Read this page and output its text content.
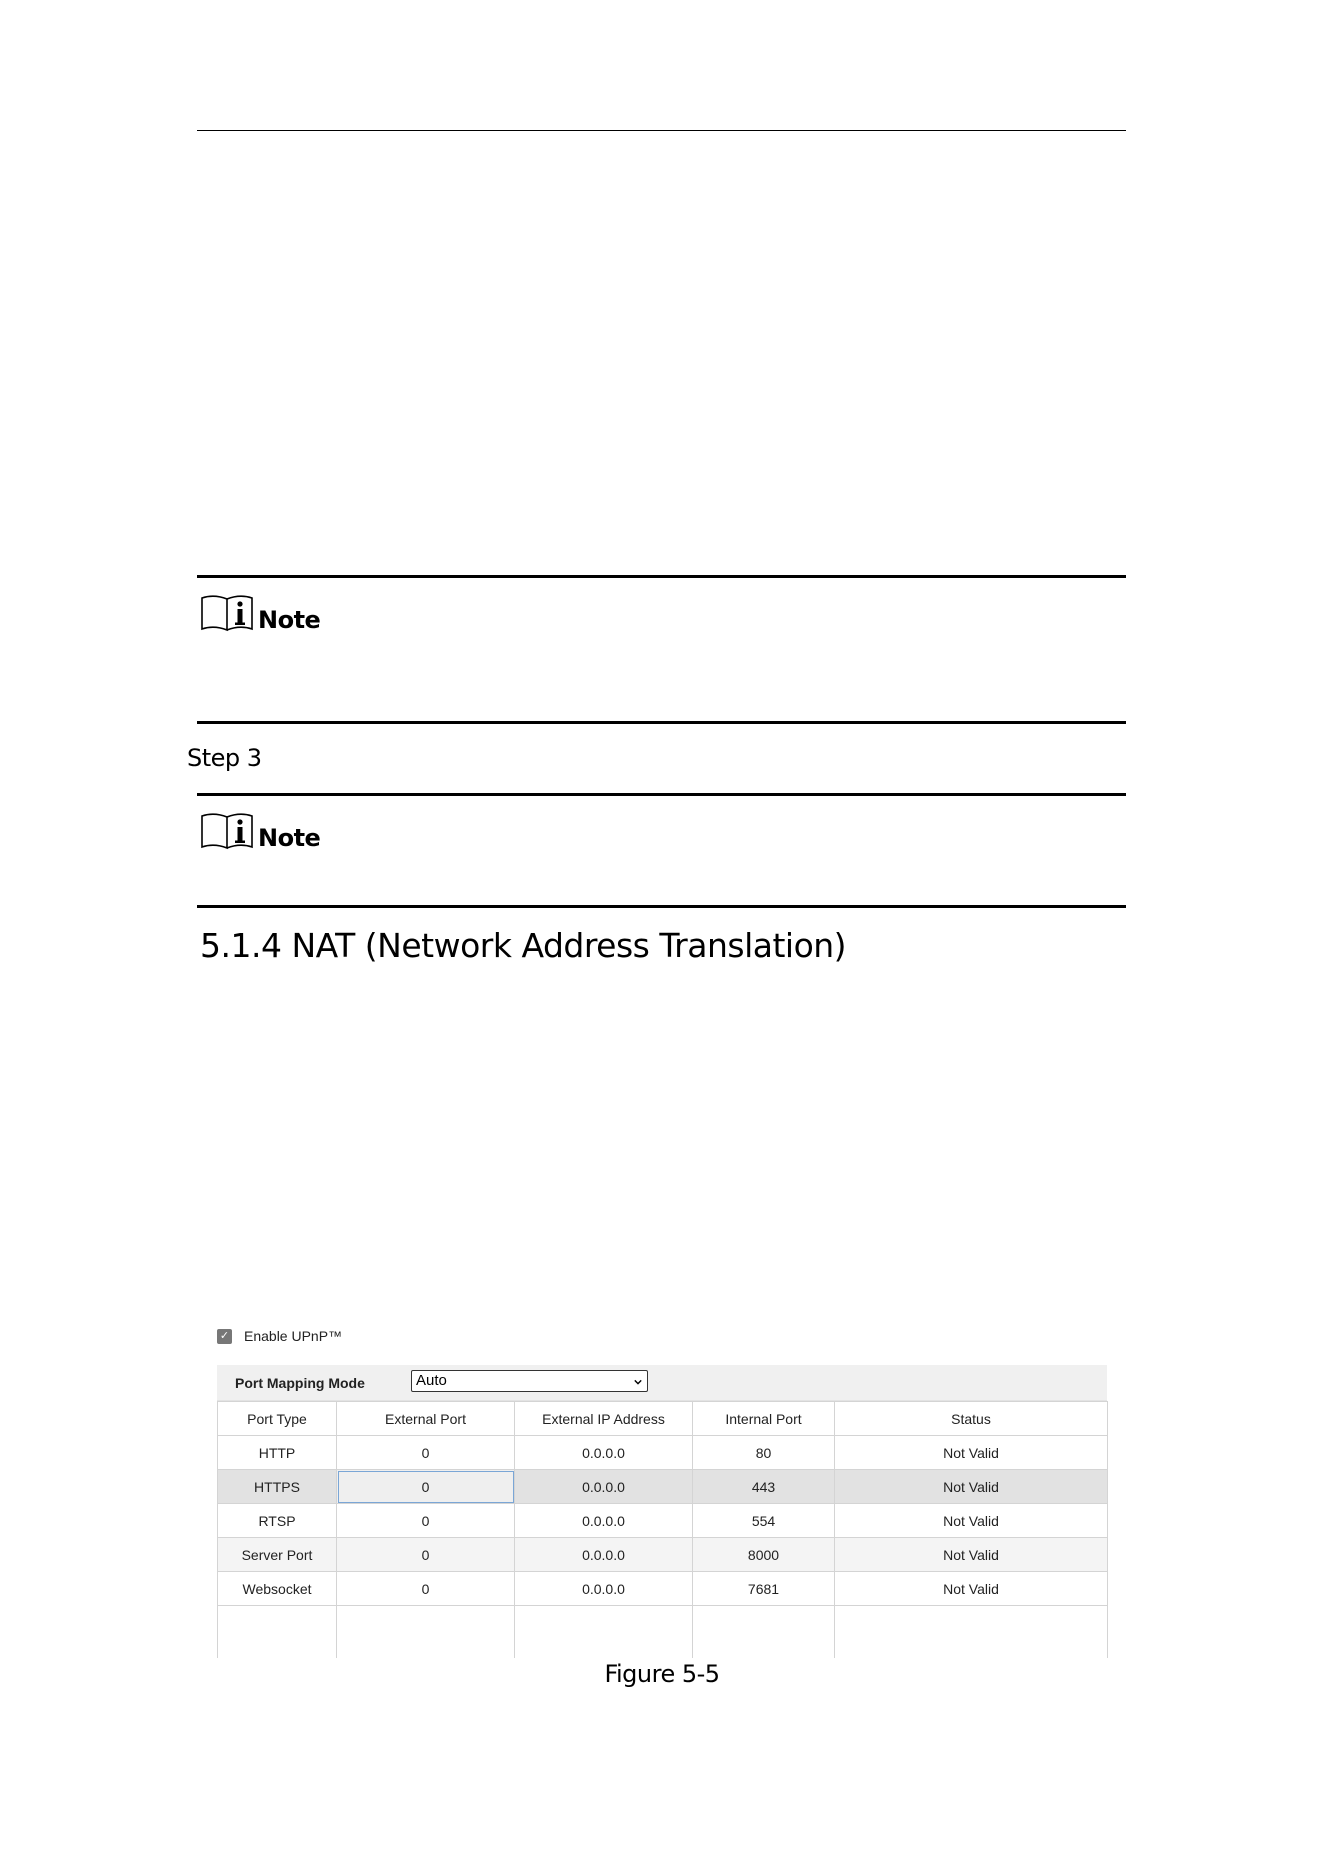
Note
Step 3
Note
5.1.4 NAT (Network Address Translation)
✓ Enable UPnP™
Port Mapping Mode	Auto
Port Type	External Port	External IP Address	Internal Port	Status
HTTP	0	0.0.0.0	80	Not Valid
HTTPS	0	0.0.0.0	443	Not Valid
RTSP	0	0.0.0.0	554	Not Valid
Server Port	0	0.0.0.0	8000	Not Valid
Websocket	0	0.0.0.0	7681	Not Valid

Figure 5-5
